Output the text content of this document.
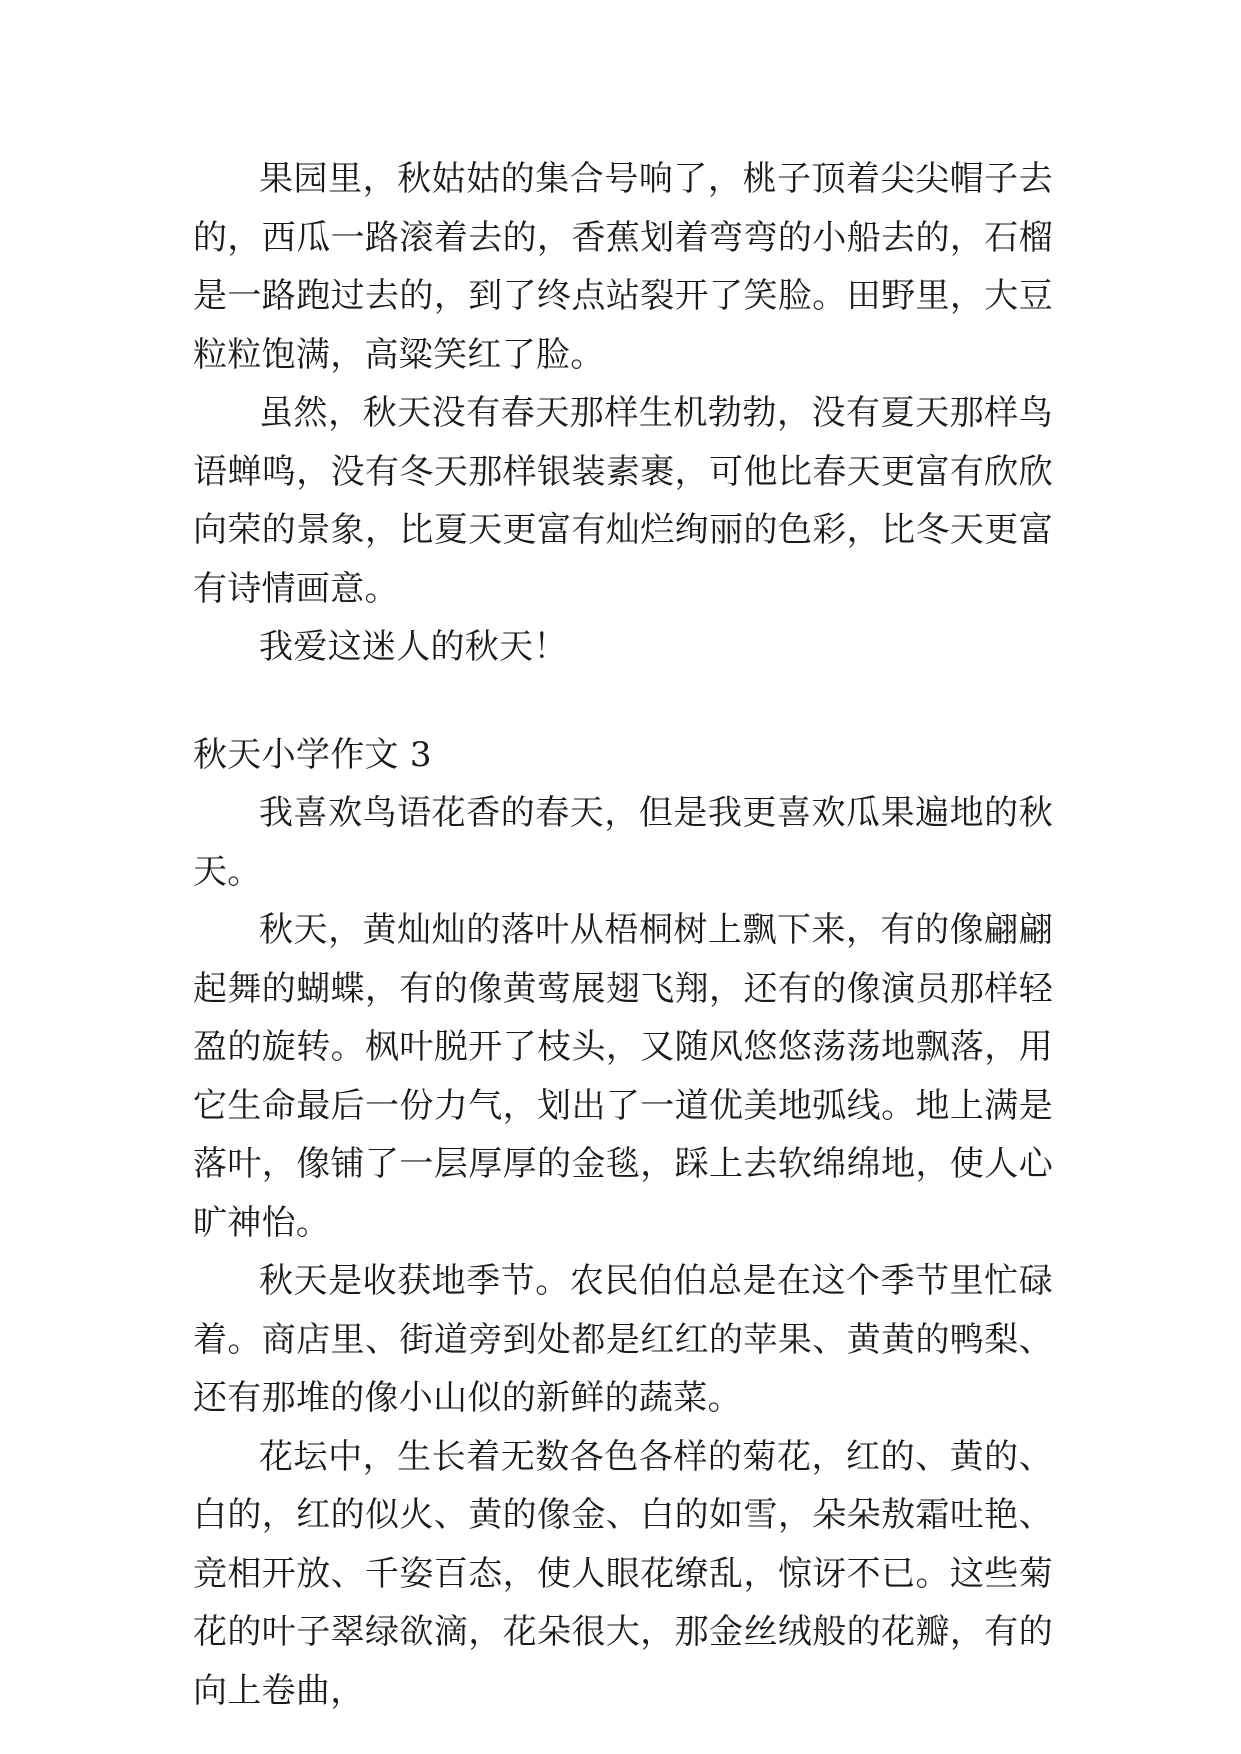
果园里，秋姑姑的集合号响了，桃子顶着尖尖帽子去的，西瓜一路滚着去的，香蕉划着弯弯的小船去的，石榴是一路跑过去的，到了终点站裂开了笑脸。田野里，大豆粒粒饱满，高粱笑红了脸。

虽然，秋天没有春天那样生机勃勃，没有夏天那样鸟语蝉鸣，没有冬天那样银装素裹，可他比春天更富有欣欣向荣的景象，比夏天更富有灿烂绚丽的色彩，比冬天更富有诗情画意。

我爱这迷人的秋天！

秋天小学作文 3

我喜欢鸟语花香的春天，但是我更喜欢瓜果遍地的秋天。

秋天，黄灿灿的落叶从梧桐树上飘下来，有的像翩翩起舞的蝴蝶，有的像黄莺展翅飞翔，还有的像演员那样轻盈的旋转。枫叶脱开了枝头，又随风悠悠荡荡地飘落，用它生命最后一份力气，划出了一道优美地弧线。地上满是落叶，像铺了一层厚厚的金毯，踩上去软绵绵地，使人心旷神怡。

秋天是收获地季节。农民伯伯总是在这个季节里忙碌着。商店里、街道旁到处都是红红的苹果、黄黄的鸭梨、还有那堆的像小山似的新鲜的蔬菜。

花坛中，生长着无数各色各样的菊花，红的、黄的、白的，红的似火、黄的像金、白的如雪，朵朵敖霜吐艳、竞相开放、千姿百态，使人眼花缭乱，惊讶不已。这些菊花的叶子翠绿欲滴，花朵很大，那金丝绒般的花瓣，有的向上卷曲，
